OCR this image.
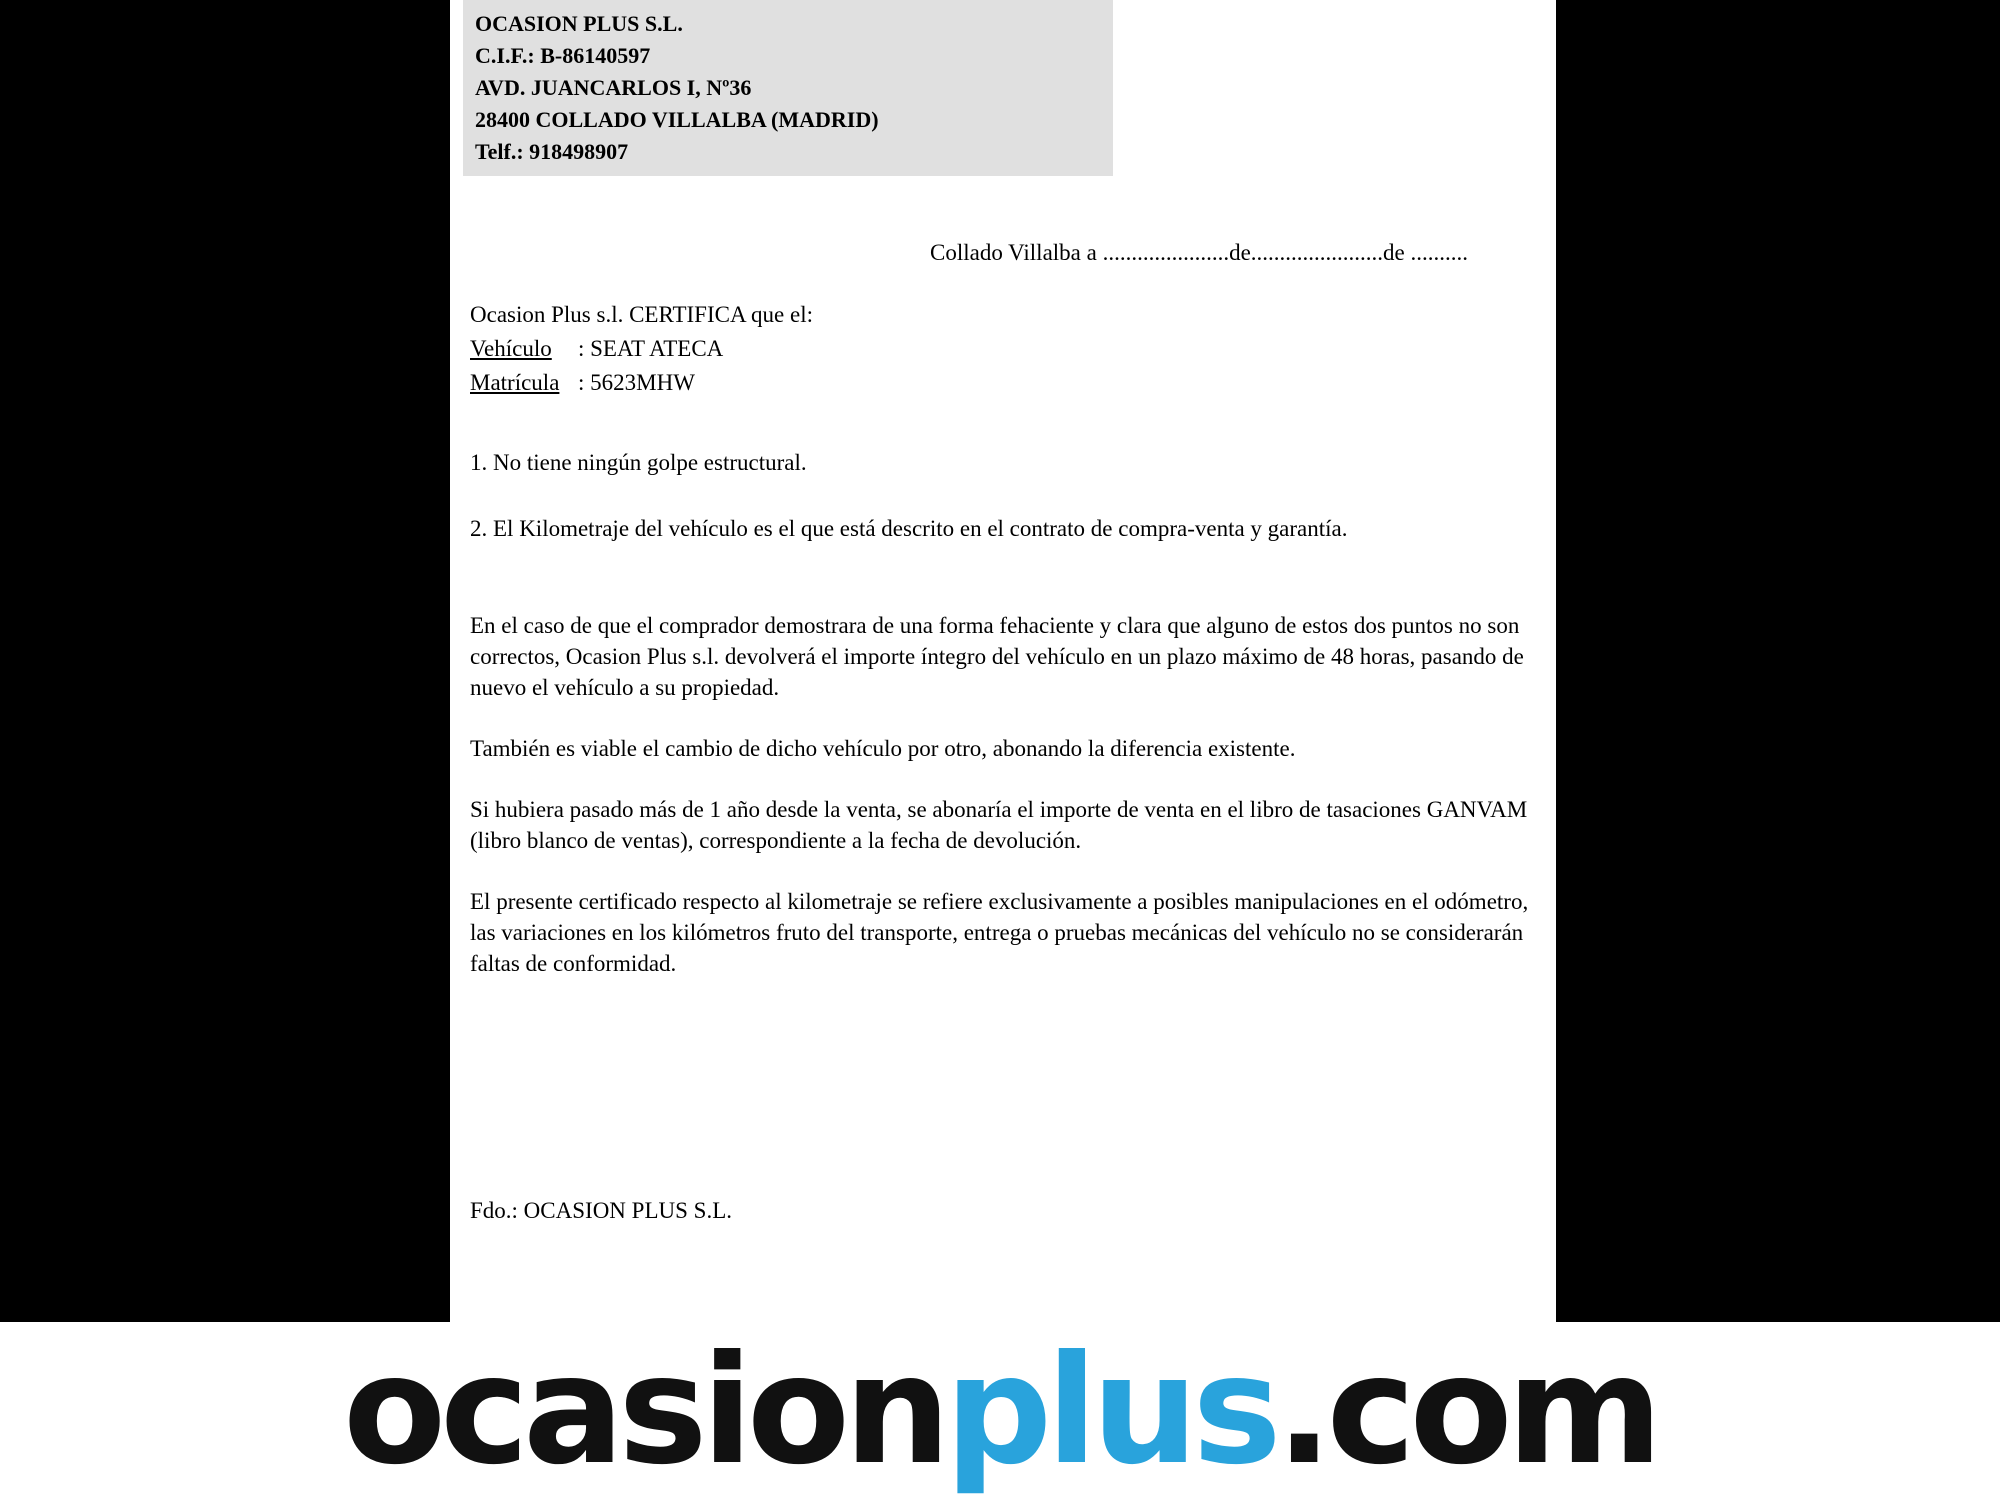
OCASION PLUS S.L.
C.I.F.: B-86140597
AVD. JUANCARLOS I, Nº36
28400 COLLADO VILLALBA (MADRID)
Telf.: 918498907
Collado Villalba a ......................de.......................de ..........
Ocasion Plus s.l. CERTIFICA que el:
Vehículo : SEAT ATECA
Matrícula : 5623MHW

1. No tiene ningún golpe estructural.

2. El Kilometraje del vehículo es el que está descrito en el contrato de compra-venta y garantía.

En el caso de que el comprador demostrara de una forma fehaciente y clara que alguno de estos dos puntos no son correctos, Ocasion Plus s.l. devolverá el importe íntegro del vehículo en un plazo máximo de 48 horas, pasando de nuevo el vehículo a su propiedad.

También es viable el cambio de dicho vehículo por otro, abonando la diferencia existente.

Si hubiera pasado más de 1 año desde la venta, se abonaría el importe de venta en el libro de tasaciones GANVAM (libro blanco de ventas), correspondiente a la fecha de devolución.

El presente certificado respecto al kilometraje se refiere exclusivamente a posibles manipulaciones en el odómetro, las variaciones en los kilómetros fruto del transporte, entrega o pruebas mecánicas del vehículo no se considerarán faltas de conformidad.

Fdo.: OCASION PLUS S.L.
ocasionplus.com
